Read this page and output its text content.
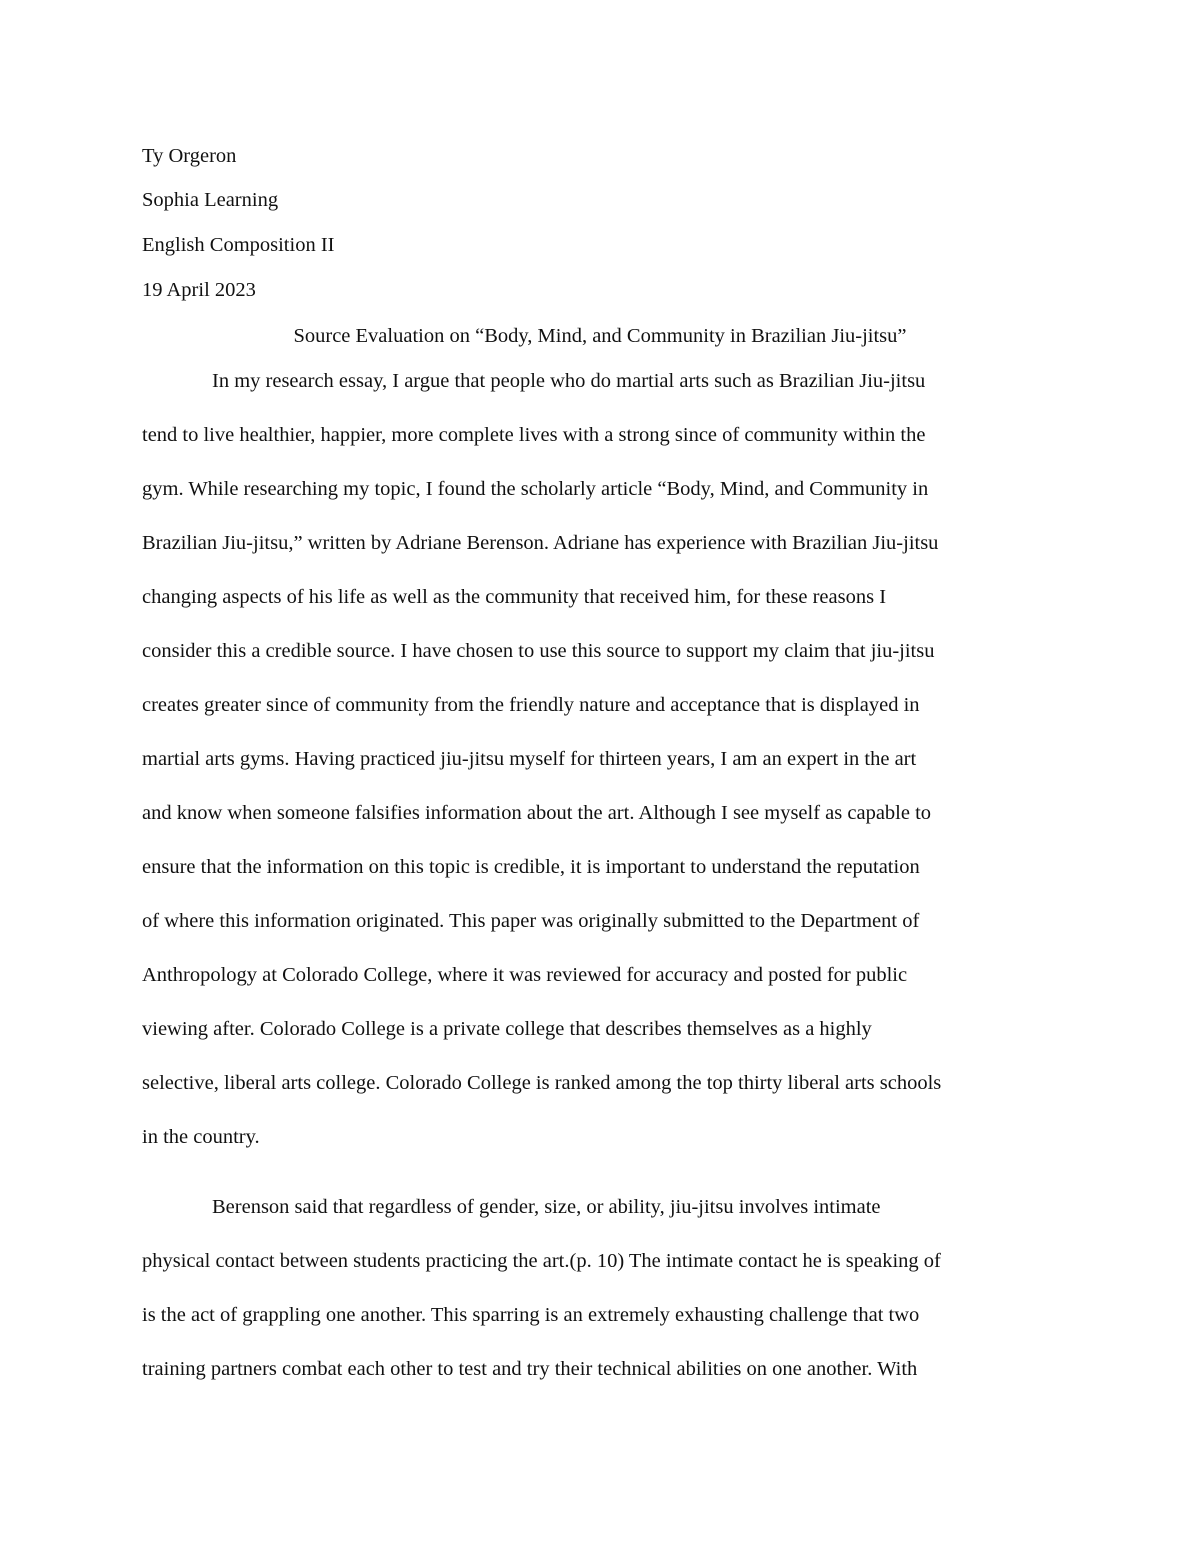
Ty Orgeron

Sophia Learning

English Composition II

19 April 2023

Source Evaluation on “Body, Mind, and Community in Brazilian Jiu-jitsu”

In my research essay, I argue that people who do martial arts such as Brazilian Jiu-jitsu

tend to live healthier, happier, more complete lives with a strong since of community within the

gym. While researching my topic, I found the scholarly article “Body, Mind, and Community in

Brazilian Jiu-jitsu,” written by Adriane Berenson. Adriane has experience with Brazilian Jiu-jitsu

changing aspects of his life as well as the community that received him, for these reasons I

consider this a credible source. I have chosen to use this source to support my claim that jiu-jitsu

creates greater since of community from the friendly nature and acceptance that is displayed in

martial arts gyms. Having practiced jiu-jitsu myself for thirteen years, I am an expert in the art

and know when someone falsifies information about the art. Although I see myself as capable to

ensure that the information on this topic is credible, it is important to understand the reputation

of where this information originated. This paper was originally submitted to the Department of

Anthropology at Colorado College, where it was reviewed for accuracy and posted for public

viewing after. Colorado College is a private college that describes themselves as a highly

selective, liberal arts college. Colorado College is ranked among the top thirty liberal arts schools

in the country.

Berenson said that regardless of gender, size, or ability, jiu-jitsu involves intimate

physical contact between students practicing the art.(p. 10) The intimate contact he is speaking of

is the act of grappling one another. This sparring is an extremely exhausting challenge that two

training partners combat each other to test and try their technical abilities on one another. With
